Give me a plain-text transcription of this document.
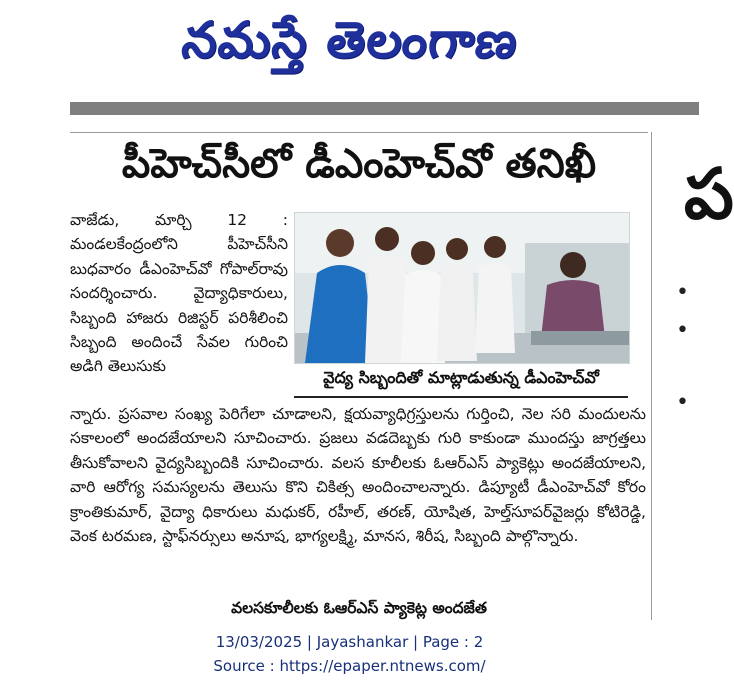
నమస్తే తెలంగాణ
పీహెచ్‌సీలో డీఎంహెచ్‌వో తనిఖీ
వాజేడు, మార్చి 12 : మండలకేంద్రంలోని పీహెచ్‌సీని బుధవారం డీఎంహెచ్‌వో గోపాల్‌రావు సందర్శించారు. వైద్యాధికారులు, సిబ్బంది హాజరు రిజిస్టర్ పరిశీలించి సిబ్బంది అందించే సేవల గురించి అడిగి తెలుసుకు
వైద్య సిబ్బందితో మాట్లాడుతున్న డీఎంహెచ్‌వో
న్నారు. ప్రసవాల సంఖ్య పెరిగేలా చూడాలని, క్షయవ్యాధిగ్రస్తులను గుర్తించి, నెల సరి మందులను సకాలంలో అందజేయాలని సూచించారు. ప్రజలు వడదెబ్బకు గురి కాకుండా ముందస్తు జాగ్రత్తలు తీసుకోవాలని వైద్యసిబ్బందికి సూచించారు. వలస కూలీలకు ఓఆర్ఎస్ ప్యాకెట్లు అందజేయాలని, వారి ఆరోగ్య సమస్యలను తెలుసు కొని చికిత్స అందించాలన్నారు. డిప్యూటీ డీఎంహెచ్‌వో కోరం క్రాంతికుమార్, వైద్యా ధికారులు మధుకర్, రహీల్, తరణ్, యోషిత, హెల్త్‌సూపర్‌వైజర్లు కోటిరెడ్డి, వెంక టరమణ, స్టాఫ్‌నర్సులు అనూష, భాగ్యలక్ష్మి, మానస, శిరీష, సిబ్బంది పాల్గొన్నారు.
వలసకూలీలకు ఓఆర్ఎస్ ప్యాకెట్ల అందజేత
ప
•
•
•
13/03/2025 | Jayashankar | Page : 2
Source : https://epaper.ntnews.com/
